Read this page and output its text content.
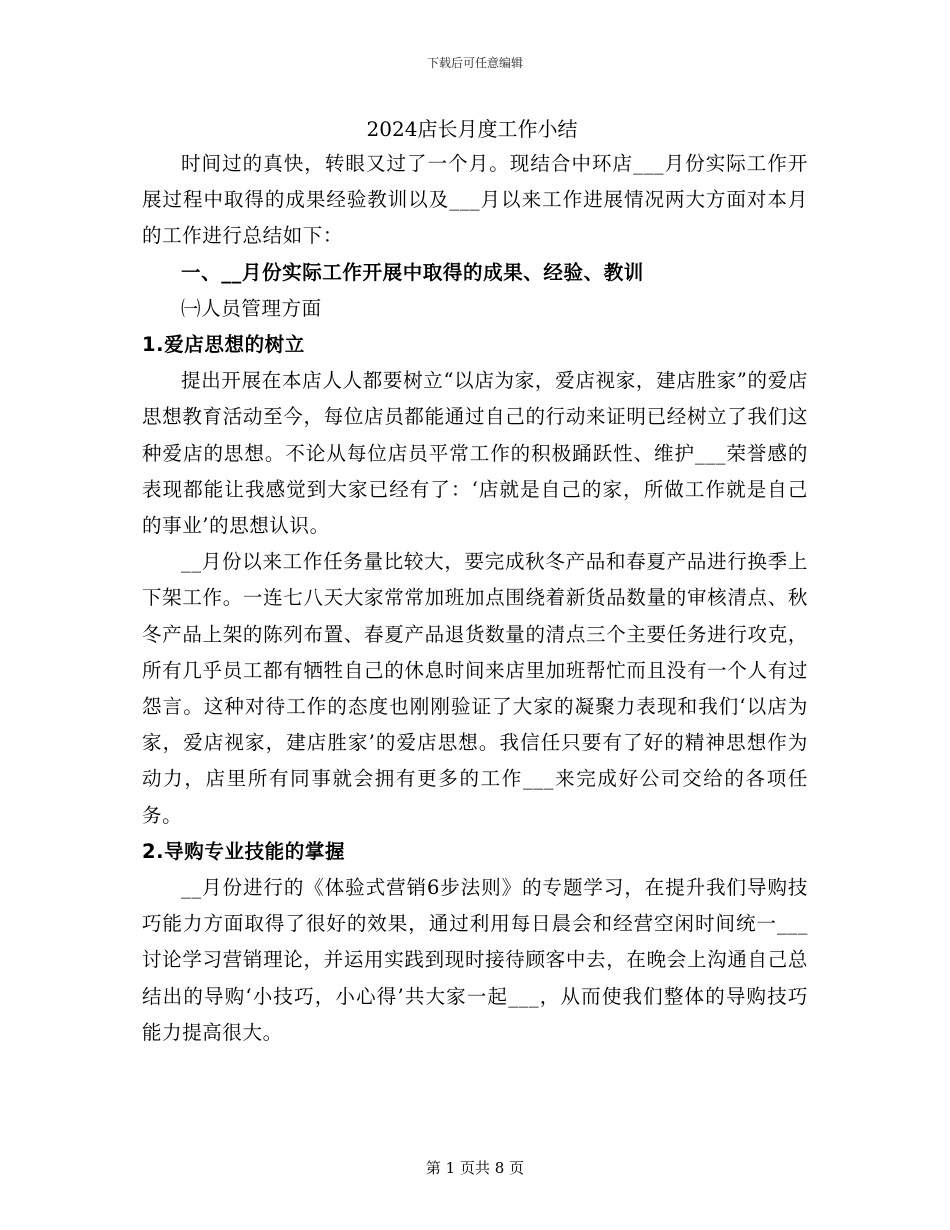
下载后可任意编辑
2024店长月度工作小结

时间过的真快，转眼又过了一个月。现结合中环店___月份实际工作开展过程中取得的成果经验教训以及___月以来工作进展情况两大方面对本月的工作进行总结如下：

一、__月份实际工作开展中取得的成果、经验、教训

㈠人员管理方面

1.爱店思想的树立

提出开展在本店人人都要树立“以店为家，爱店视家，建店胜家”的爱店思想教育活动至今，每位店员都能通过自己的行动来证明已经树立了我们这种爱店的思想。不论从每位店员平常工作的积极踊跃性、维护___荣誉感的表现都能让我感觉到大家已经有了：‘店就是自己的家，所做工作就是自己的事业’的思想认识。

__月份以来工作任务量比较大，要完成秋冬产品和春夏产品进行换季上下架工作。一连七八天大家常常加班加点围绕着新货品数量的审核清点、秋冬产品上架的陈列布置、春夏产品退货数量的清点三个主要任务进行攻克，所有几乎员工都有牺牲自己的休息时间来店里加班帮忙而且没有一个人有过怨言。这种对待工作的态度也刚刚验证了大家的凝聚力表现和我们‘以店为家，爱店视家，建店胜家’的爱店思想。我信任只要有了好的精神思想作为动力，店里所有同事就会拥有更多的工作___来完成好公司交给的各项任务。

2.导购专业技能的掌握

__月份进行的《体验式营销6步法则》的专题学习，在提升我们导购技巧能力方面取得了很好的效果，通过利用每日晨会和经营空闲时间统一___讨论学习营销理论，并运用实践到现时接待顾客中去，在晚会上沟通自己总结出的导购‘小技巧，小心得’共大家一起___，从而使我们整体的导购技巧能力提高很大。

第 1 页共 8 页
